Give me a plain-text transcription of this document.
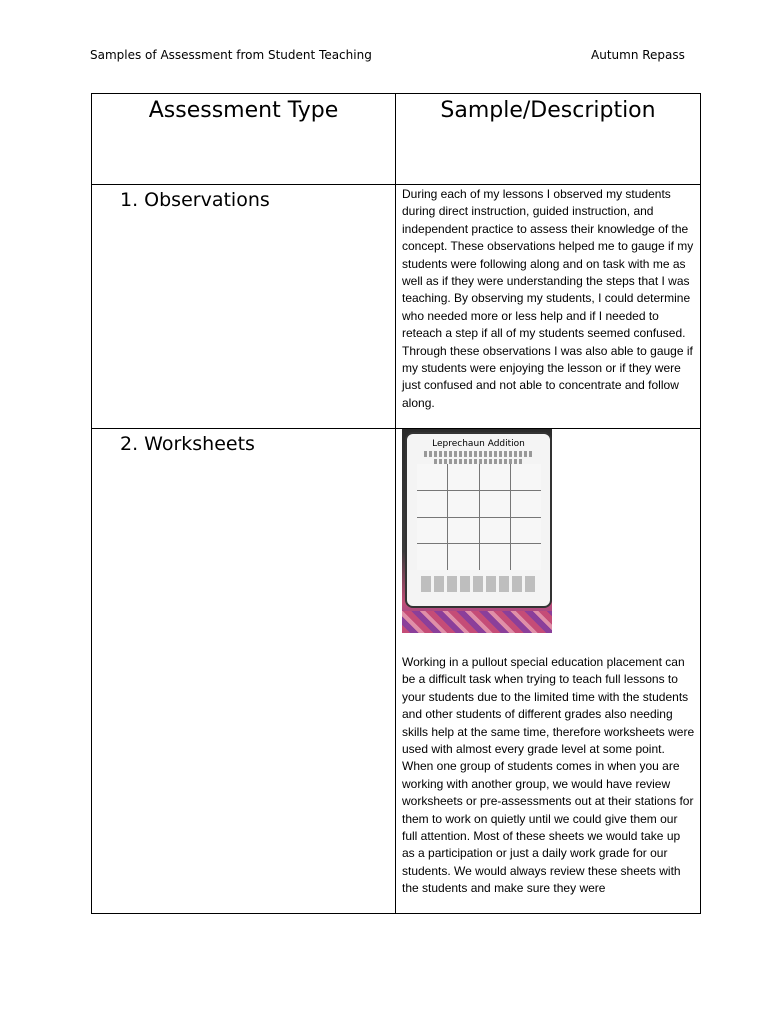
Samples of Assessment from Student Teaching	Autumn Repass
Assessment Type	Sample/Description

1. Observations	During each of my lessons I observed my students during direct instruction, guided instruction, and independent practice to assess their knowledge of the concept. These observations helped me to gauge if my students were following along and on task with me as well as if they were understanding the steps that I was teaching. By observing my students, I could determine who needed more or less help and if I needed to reteach a step if all of my students seemed confused. Through these observations I was also able to gauge if my students were enjoying the lesson or if they were just confused and not able to concentrate and follow along.

2. Worksheets	Leprechaun Addition

Working in a pullout special education placement can be a difficult task when trying to teach full lessons to your students due to the limited time with the students and other students of different grades also needing skills help at the same time, therefore worksheets were used with almost every grade level at some point. When one group of students comes in when you are working with another group, we would have review worksheets or pre-assessments out at their stations for them to work on quietly until we could give them our full attention. Most of these sheets we would take up as a participation or just a daily work grade for our students. We would always review these sheets with the students and make sure they were
